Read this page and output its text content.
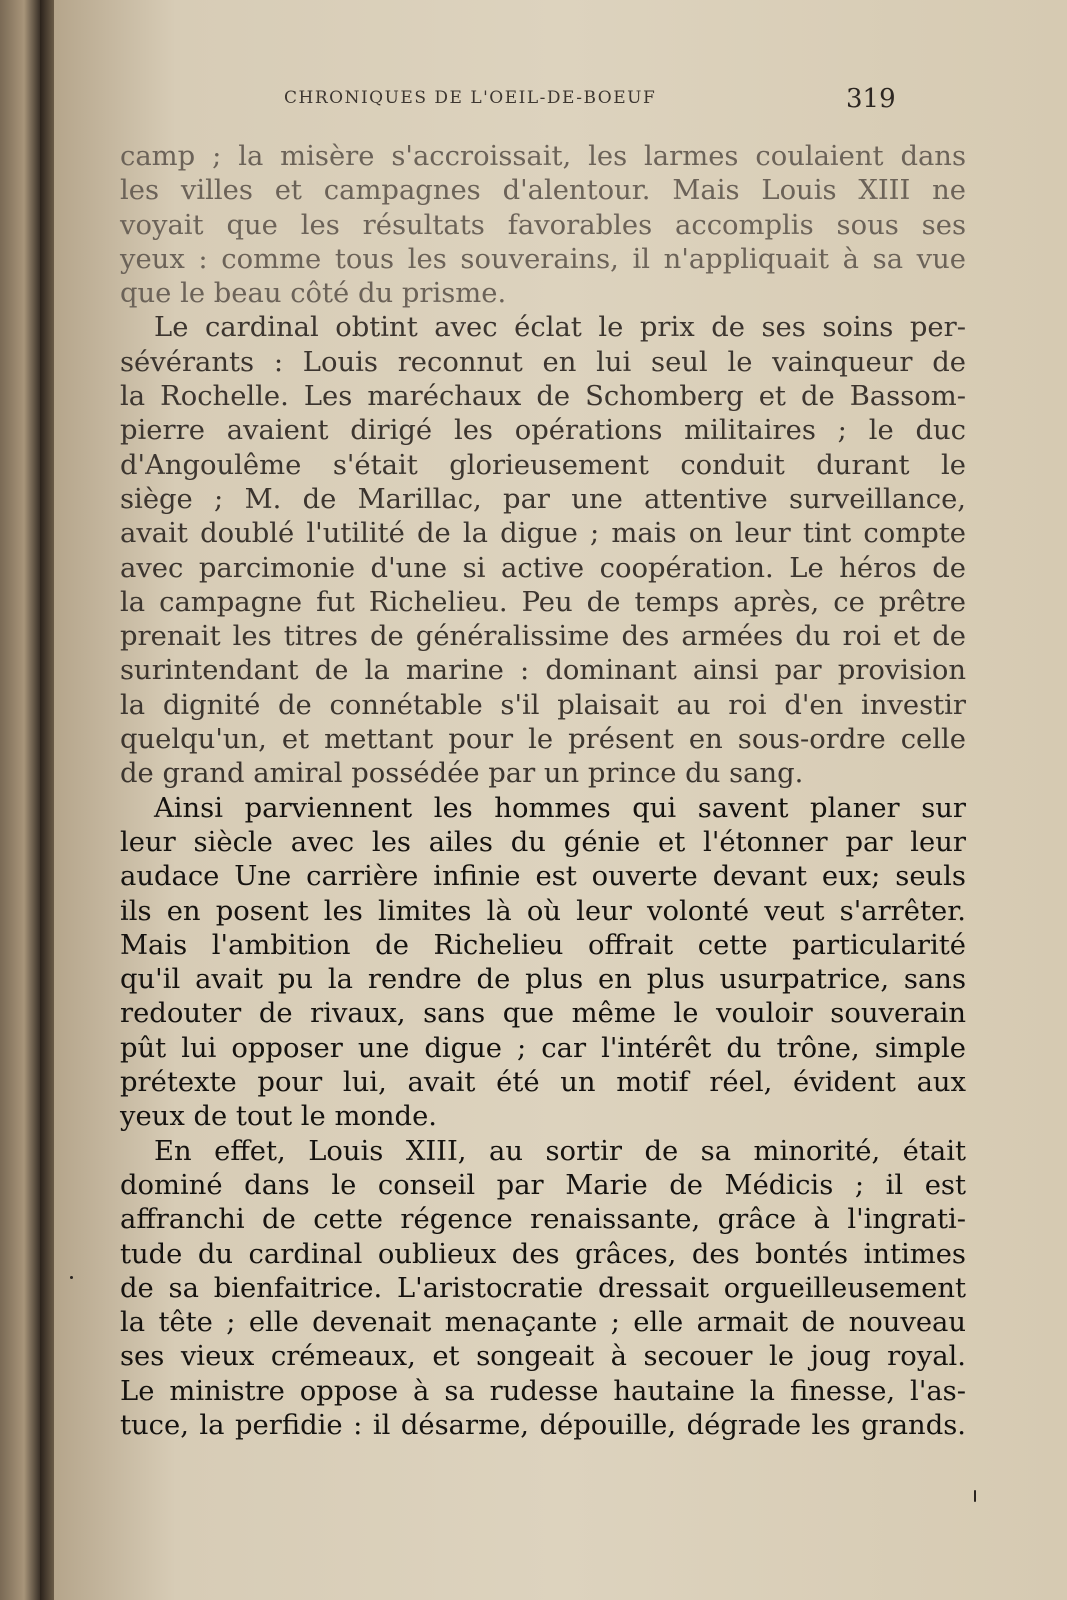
CHRONIQUES DE L'OEIL-DE-BOEUF	319
camp ; la misère s'accroissait, les larmes coulaient dans
les villes et campagnes d'alentour. Mais Louis XIII ne
voyait que les résultats favorables accomplis sous ses
yeux : comme tous les souverains, il n'appliquait à sa vue
que le beau côté du prisme.
Le cardinal obtint avec éclat le prix de ses soins per-
sévérants : Louis reconnut en lui seul le vainqueur de
la Rochelle. Les maréchaux de Schomberg et de Bassom-
pierre avaient dirigé les opérations militaires ; le duc
d'Angoulême s'était glorieusement conduit durant le
siège ; M. de Marillac, par une attentive surveillance,
avait doublé l'utilité de la digue ; mais on leur tint compte
avec parcimonie d'une si active coopération. Le héros de
la campagne fut Richelieu. Peu de temps après, ce prêtre
prenait les titres de généralissime des armées du roi et de
surintendant de la marine : dominant ainsi par provision
la dignité de connétable s'il plaisait au roi d'en investir
quelqu'un, et mettant pour le présent en sous-ordre celle
de grand amiral possédée par un prince du sang.
Ainsi parviennent les hommes qui savent planer sur
leur siècle avec les ailes du génie et l'étonner par leur
audace Une carrière infinie est ouverte devant eux; seuls
ils en posent les limites là où leur volonté veut s'arrêter.
Mais l'ambition de Richelieu offrait cette particularité
qu'il avait pu la rendre de plus en plus usurpatrice, sans
redouter de rivaux, sans que même le vouloir souverain
pût lui opposer une digue ; car l'intérêt du trône, simple
prétexte pour lui, avait été un motif réel, évident aux
yeux de tout le monde.
En effet, Louis XIII, au sortir de sa minorité, était
dominé dans le conseil par Marie de Médicis ; il est
affranchi de cette régence renaissante, grâce à l'ingrati-
tude du cardinal oublieux des grâces, des bontés intimes
de sa bienfaitrice. L'aristocratie dressait orgueilleusement
la tête ; elle devenait menaçante ; elle armait de nouveau
ses vieux crémeaux, et songeait à secouer le joug royal.
Le ministre oppose à sa rudesse hautaine la finesse, l'as-
tuce, la perfidie : il désarme, dépouille, dégrade les grands.
